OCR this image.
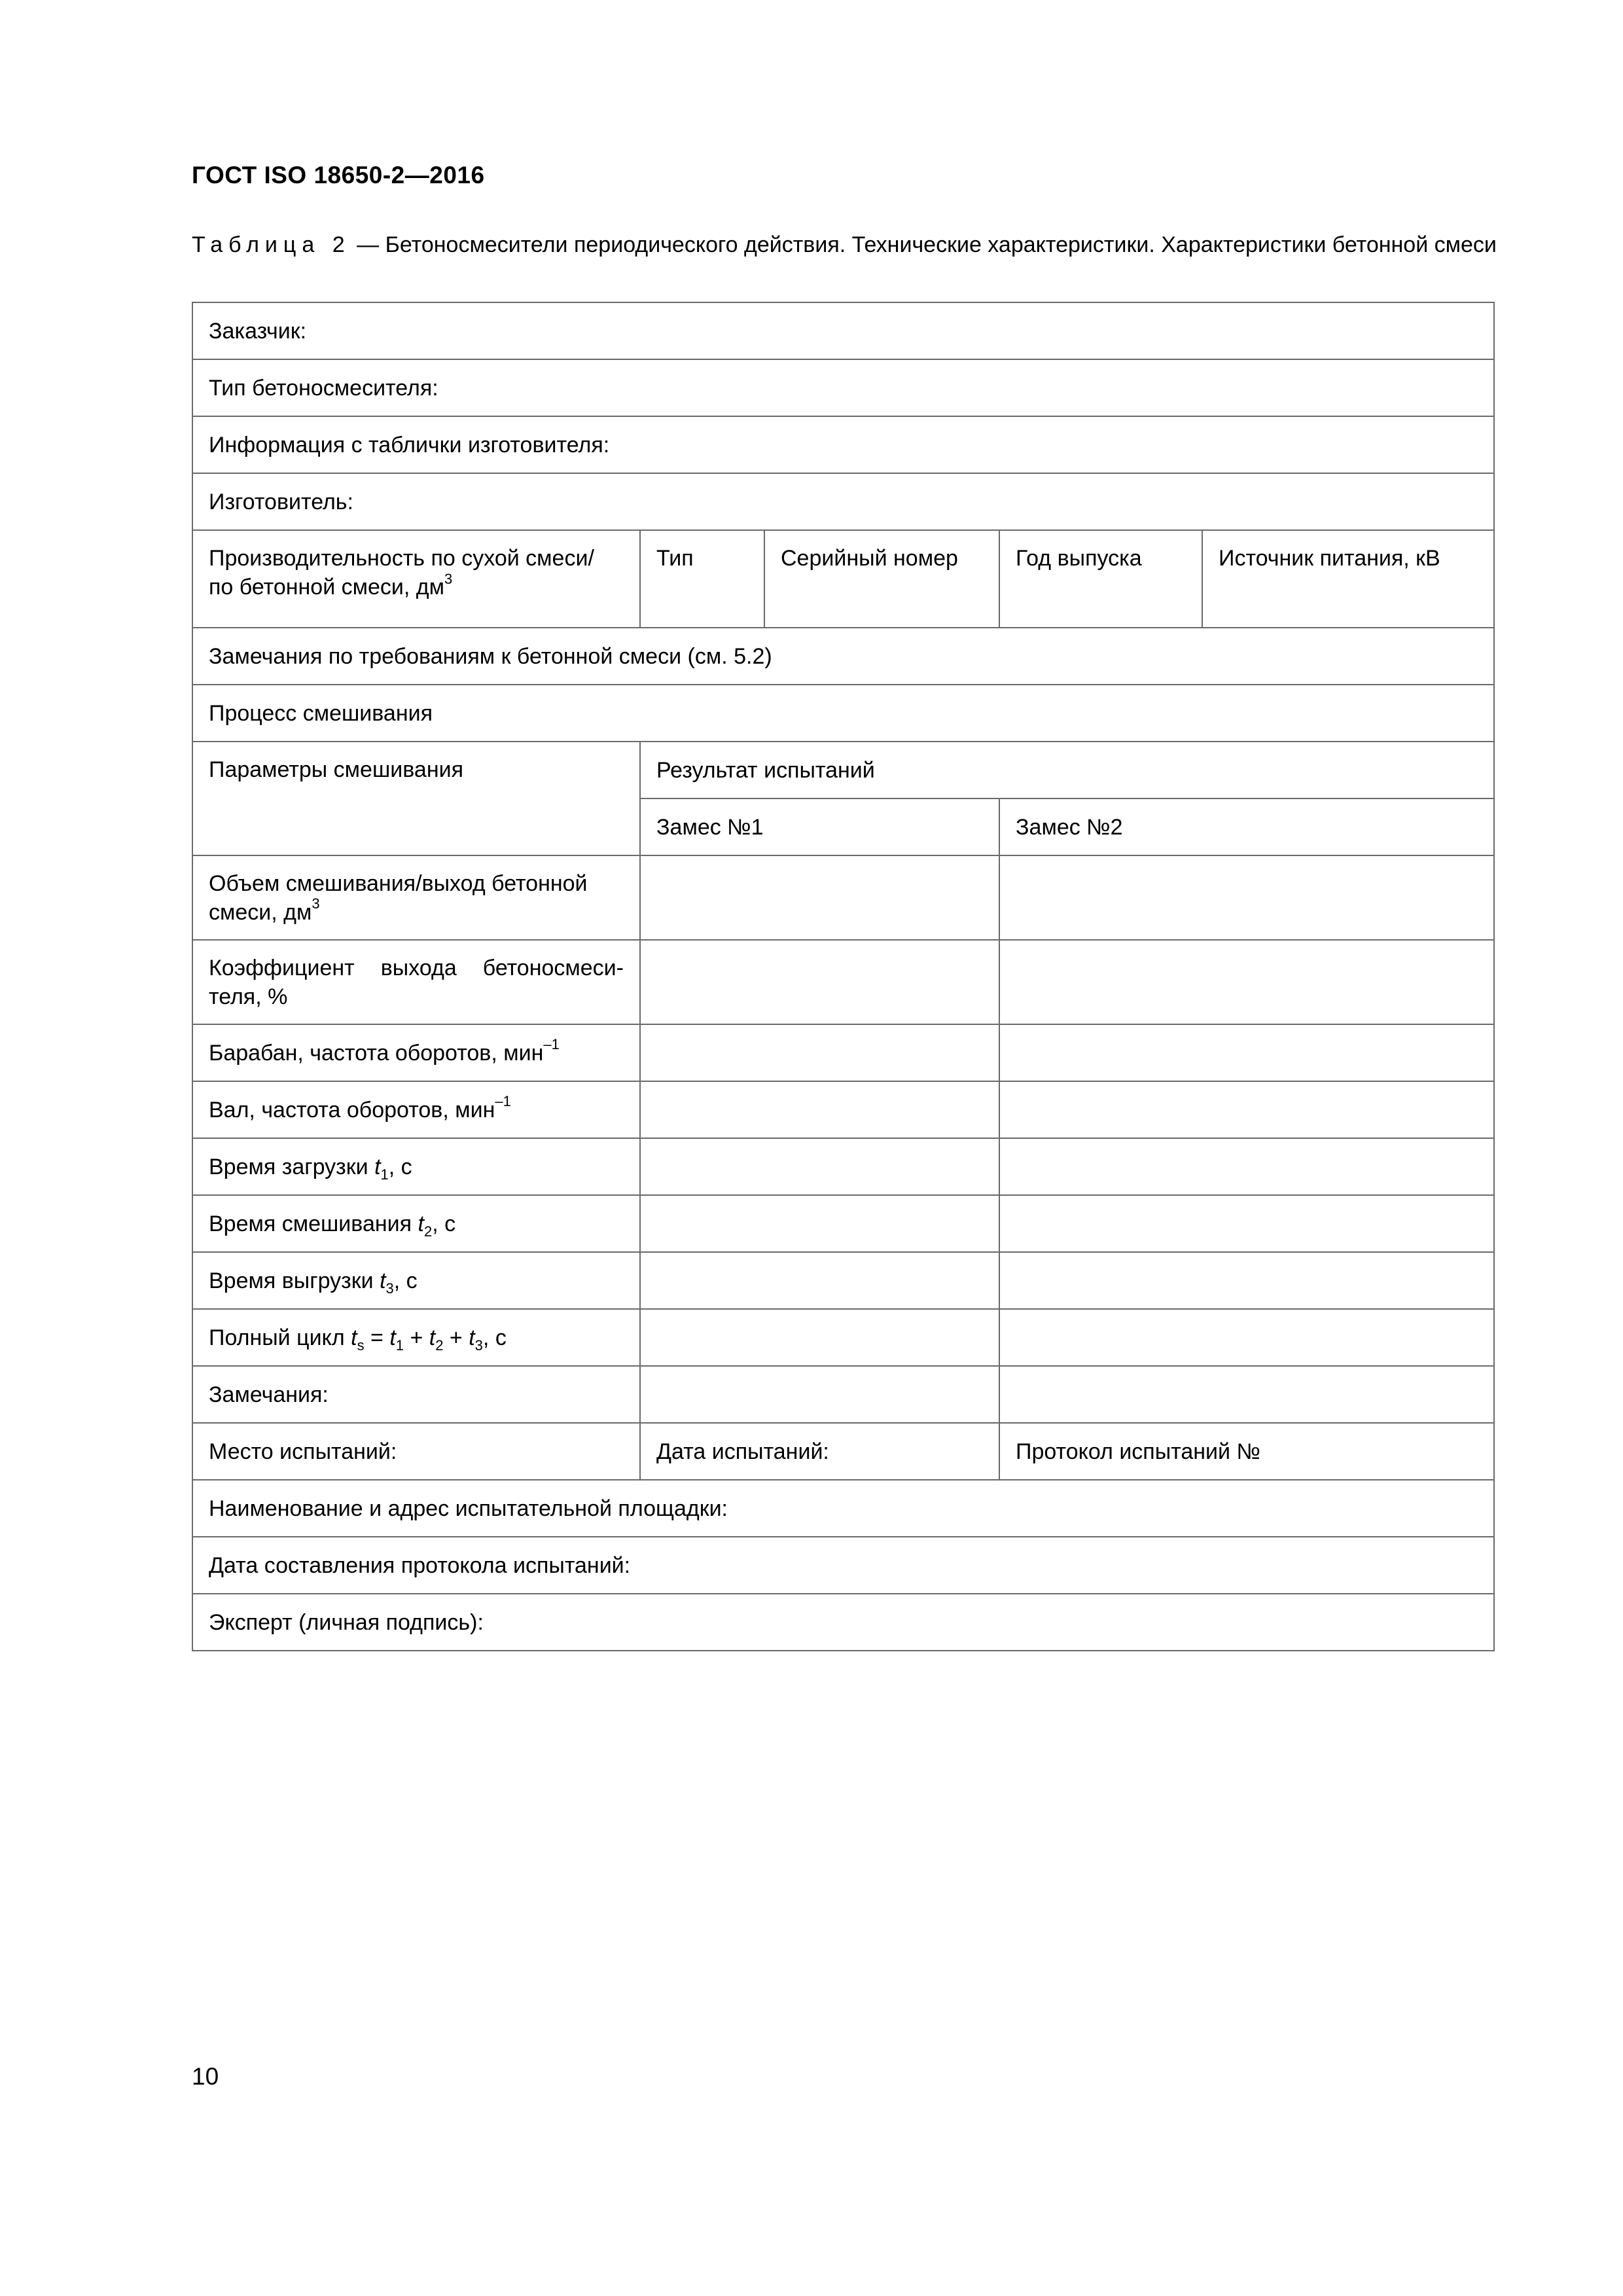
ГОСТ ISO 18650-2—2016
Таблица 2 — Бетоносмесители периодического действия. Технические характеристики. Характеристики бетонной смеси
Заказчик:				
Тип бетоносмесителя:				
Информация с таблички изготовителя:				
Изготовитель:				
Производительность по сухой смеси/ по бетонной смеси, $дм^3$	Тип	Серийный номер	Год выпуска	Источник питания, кВ
Замечания по требованиям к бетонной смеси (см. 5.2)				
Процесс смешивания				
Параметры смешивания	Результат испытаний			
	Замес №1		Замес №2	
Объем смешивания/выход бетонной смеси, $дм^3$		
Коэффициент выхода бетоносмесителя, %				
Барабан, частота оборотов, мин$^{-1}$		
Вал, частота оборотов, мин$^{-1}$		
Время загрузки $t_1$, с				
Время смешивания $t_2$, с				
Время выгрузки $t_3$, с				
Полный цикл $t_s = t_1 + t_2 + t_3$, с				
Замечания:				
Место испытаний:	Дата испытаний:		Протокол испытаний №	
Наименование и адрес испытательной площадки:				
Дата составления протокола испытаний:				
Эксперт (личная подпись):				
10
